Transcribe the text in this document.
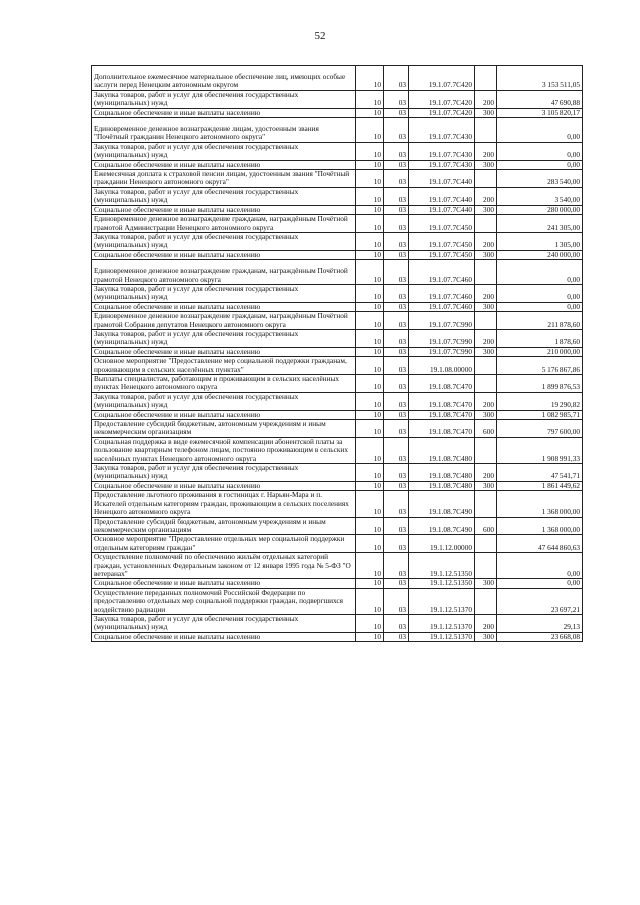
52
Дополнительное ежемесячное материальное обеспечение лиц, имеющих особые заслуги перед Ненецким автономным округом	10	03	19.1.07.7С420		3 153 511,05
Закупка товаров, работ и услуг для обеспечения государственных (муниципальных) нужд	10	03	19.1.07.7С420	200	47 690,88
Социальное обеспечение и иные выплаты населению	10	03	19.1.07.7С420	300	3 105 820,17
Единовременное денежное вознаграждение лицам, удостоенным звания "Почётный гражданин Ненецкого автономного округа"	10	03	19.1.07.7С430		0,00
Закупка товаров, работ и услуг для обеспечения государственных (муниципальных) нужд	10	03	19.1.07.7С430	200	0,00
Социальное обеспечение и иные выплаты населению	10	03	19.1.07.7С430	300	0,00
Ежемесячная доплата к страховой пенсии лицам, удостоенным звания "Почётный гражданин Ненецкого автономного округа"	10	03	19.1.07.7С440		283 540,00
Закупка товаров, работ и услуг для обеспечения государственных (муниципальных) нужд	10	03	19.1.07.7С440	200	3 540,00
Социальное обеспечение и иные выплаты населению	10	03	19.1.07.7С440	300	280 000,00
Единовременное денежное вознаграждение гражданам, награждённым Почётной грамотой Администрации Ненецкого автономного округа	10	03	19.1.07.7С450		241 305,00
Закупка товаров, работ и услуг для обеспечения государственных (муниципальных) нужд	10	03	19.1.07.7С450	200	1 305,00
Социальное обеспечение и иные выплаты населению	10	03	19.1.07.7С450	300	240 000,00
Единовременное денежное вознаграждение гражданам, награждённым Почётной грамотой Ненецкого автономного округа	10	03	19.1.07.7С460		0,00
Закупка товаров, работ и услуг для обеспечения государственных (муниципальных) нужд	10	03	19.1.07.7С460	200	0,00
Социальное обеспечение и иные выплаты населению	10	03	19.1.07.7С460	300	0,00
Единовременное денежное вознаграждение гражданам, награждённым Почётной грамотой Собрания депутатов Ненецкого автономного округа	10	03	19.1.07.7С990		211 878,60
Закупка товаров, работ и услуг для обеспечения государственных (муниципальных) нужд	10	03	19.1.07.7С990	200	1 878,60
Социальное обеспечение и иные выплаты населению	10	03	19.1.07.7С990	300	210 000,00
Основное мероприятие "Предоставление мер социальной поддержки гражданам, проживающим в сельских населённых пунктах"	10	03	19.1.08.00000		5 176 867,86
Выплаты специалистам, работающим и проживающим в сельских населённых пунктах Ненецкого автономного округа	10	03	19.1.08.7С470		1 899 876,53
Закупка товаров, работ и услуг для обеспечения государственных (муниципальных) нужд	10	03	19.1.08.7С470	200	19 290,82
Социальное обеспечение и иные выплаты населению	10	03	19.1.08.7С470	300	1 082 985,71
Предоставление субсидий бюджетным, автономным учреждениям и иным некоммерческим организациям	10	03	19.1.08.7С470	600	797 600,00
Социальная поддержка в виде ежемесячной компенсации абонентской платы за пользование квартирным телефоном лицам, постоянно проживающим в сельских населённых пунктах Ненецкого автономного округа	10	03	19.1.08.7С480		1 908 991,33
Закупка товаров, работ и услуг для обеспечения государственных (муниципальных) нужд	10	03	19.1.08.7С480	200	47 541,71
Социальное обеспечение и иные выплаты населению	10	03	19.1.08.7С480	300	1 861 449,62
Предоставление льготного проживания в гостиницах г. Нарьян-Мара и п. Искателей отдельным категориям граждан, проживающим в сельских поселениях Ненецкого автономного округа	10	03	19.1.08.7С490		1 368 000,00
Предоставление субсидий бюджетным, автономным учреждениям и иным некоммерческим организациям	10	03	19.1.08.7С490	600	1 368 000,00
Основное мероприятие "Предоставление отдельных мер социальной поддержки отдельным категориям граждан"	10	03	19.1.12.00000		47 644 860,63
Осуществление полномочий по обеспечению жильём отдельных категорий граждан, установленных Федеральным законом от 12 января 1995 года № 5-ФЗ "О ветеранах"	10	03	19.1.12.51350		0,00
Социальное обеспечение и иные выплаты населению	10	03	19.1.12.51350	300	0,00
Осуществление переданных полномочий Российской Федерации по предоставлению отдельных мер социальной поддержки граждан, подвергшихся воздействию радиации	10	03	19.1.12.51370		23 697,21
Закупка товаров, работ и услуг для обеспечения государственных (муниципальных) нужд	10	03	19.1.12.51370	200	29,13
Социальное обеспечение и иные выплаты населению	10	03	19.1.12.51370	300	23 668,08
